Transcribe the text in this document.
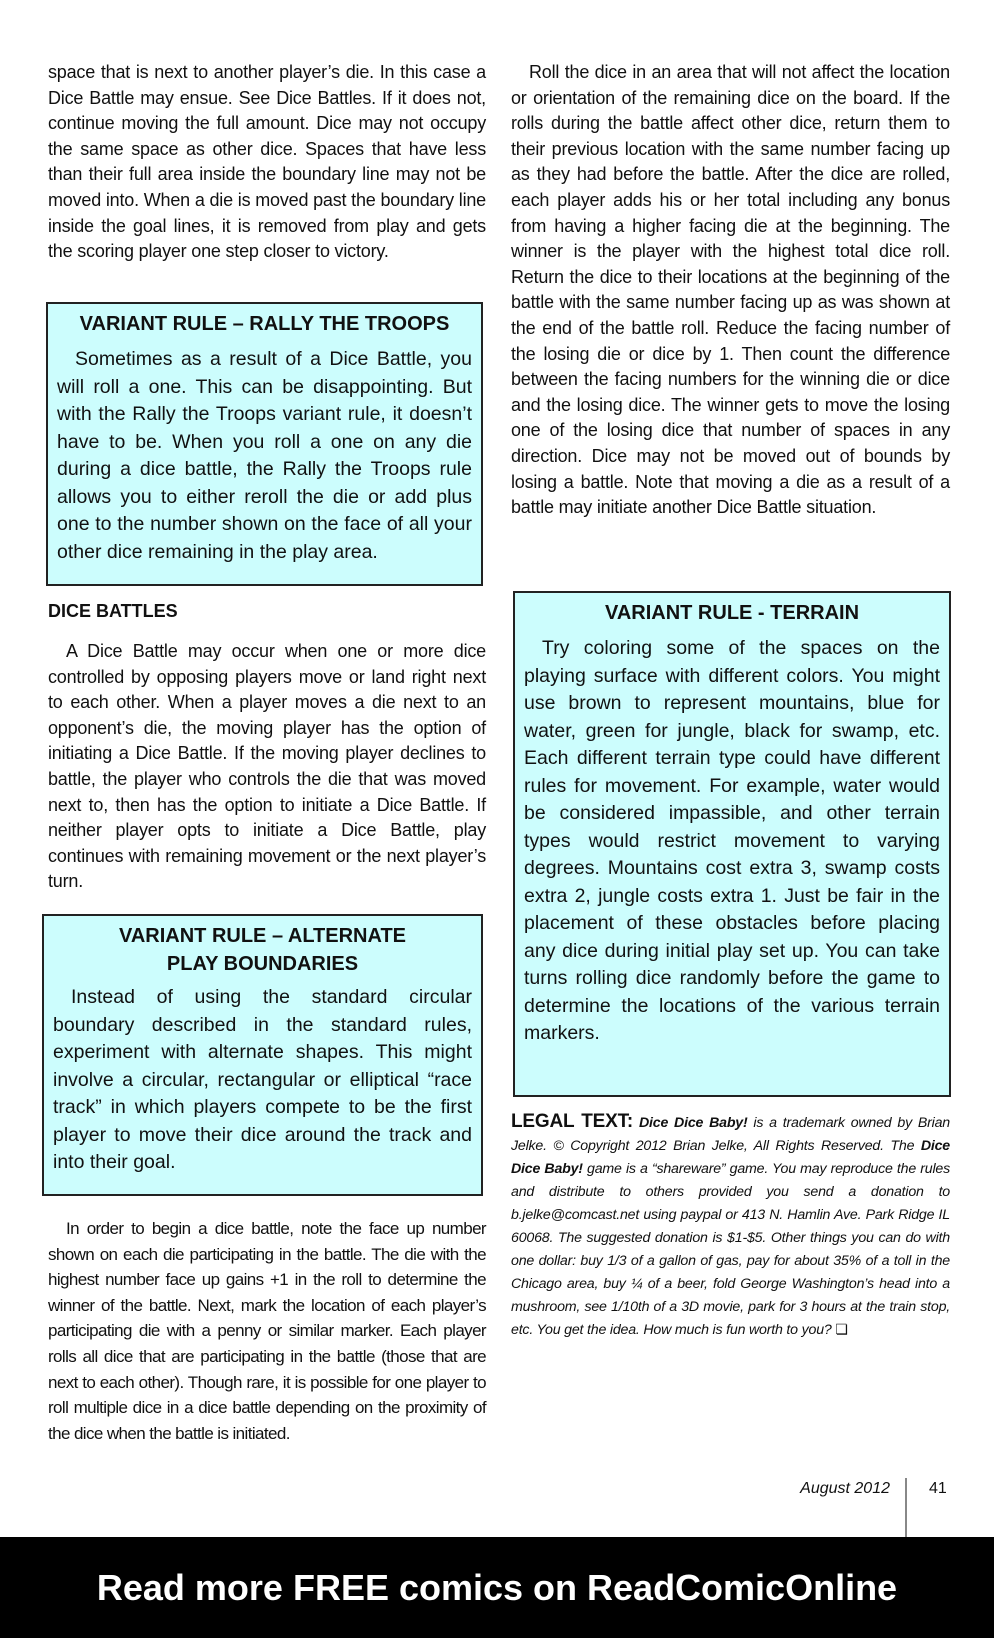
space that is next to another player’s die. In this case a Dice Battle may ensue. See Dice Battles. If it does not, continue moving the full amount. Dice may not occupy the same space as other dice. Spaces that have less than their full area inside the boundary line may not be moved into. When a die is moved past the boundary line inside the goal lines, it is removed from play and gets the scoring player one step closer to victory.
VARIANT RULE – RALLY THE TROOPS
Sometimes as a result of a Dice Battle, you will roll a one. This can be disappointing. But with the Rally the Troops variant rule, it doesn’t have to be. When you roll a one on any die during a dice battle, the Rally the Troops rule allows you to either reroll the die or add plus one to the number shown on the face of all your other dice remaining in the play area.
DICE BATTLES
A Dice Battle may occur when one or more dice controlled by opposing players move or land right next to each other. When a player moves a die next to an opponent’s die, the moving player has the option of initiating a Dice Battle. If the moving player declines to battle, the player who controls the die that was moved next to, then has the option to initiate a Dice Battle. If neither player opts to initiate a Dice Battle, play continues with remaining movement or the next player’s turn.
VARIANT RULE – ALTERNATE
PLAY BOUNDARIES
Instead of using the standard circular boundary described in the standard rules, experiment with alternate shapes. This might involve a circular, rectangular or elliptical “race track” in which players compete to be the first player to move their dice around the track and into their goal.
In order to begin a dice battle, note the face up number shown on each die participating in the battle. The die with the highest number face up gains +1 in the roll to determine the winner of the battle. Next, mark the location of each player’s participating die with a penny or similar marker. Each player rolls all dice that are participating in the battle (those that are next to each other). Though rare, it is possible for one player to roll multiple dice in a dice battle depending on the proximity of the dice when the battle is initiated.
Roll the dice in an area that will not affect the location or orientation of the remaining dice on the board. If the rolls during the battle affect other dice, return them to their previous location with the same number facing up as they had before the battle. After the dice are rolled, each player adds his or her total including any bonus from having a higher facing die at the beginning. The winner is the player with the highest total dice roll. Return the dice to their locations at the beginning of the battle with the same number facing up as was shown at the end of the battle roll. Reduce the facing number of the losing die or dice by 1. Then count the difference between the facing numbers for the winning die or dice and the losing dice. The winner gets to move the losing one of the losing dice that number of spaces in any direction. Dice may not be moved out of bounds by losing a battle. Note that moving a die as a result of a battle may initiate another Dice Battle situation.
VARIANT RULE - TERRAIN
Try coloring some of the spaces on the playing surface with different colors. You might use brown to represent mountains, blue for water, green for jungle, black for swamp, etc. Each different terrain type could have different rules for movement. For example, water would be considered impassible, and other terrain types would restrict movement to varying degrees. Mountains cost extra 3, swamp costs extra 2, jungle costs extra 1. Just be fair in the placement of these obstacles before placing any dice during initial play set up. You can take turns rolling dice randomly before the game to determine the locations of the various terrain markers.
LEGAL TEXT: Dice Dice Baby! is a trademark owned by Brian Jelke. © Copyright 2012 Brian Jelke, All Rights Reserved. The Dice Dice Baby! game is a “shareware” game. You may reproduce the rules and distribute to others provided you send a donation to b.jelke@comcast.net using paypal or 413 N. Hamlin Ave. Park Ridge IL 60068. The suggested donation is $1-$5. Other things you can do with one dollar: buy 1/3 of a gallon of gas, pay for about 35% of a toll in the Chicago area, buy ¼ of a beer, fold George Washington’s head into a mushroom, see 1/10th of a 3D movie, park for 3 hours at the train stop, etc. You get the idea. How much is fun worth to you? ❏
August 2012 41
Read more FREE comics on ReadComicOnline
